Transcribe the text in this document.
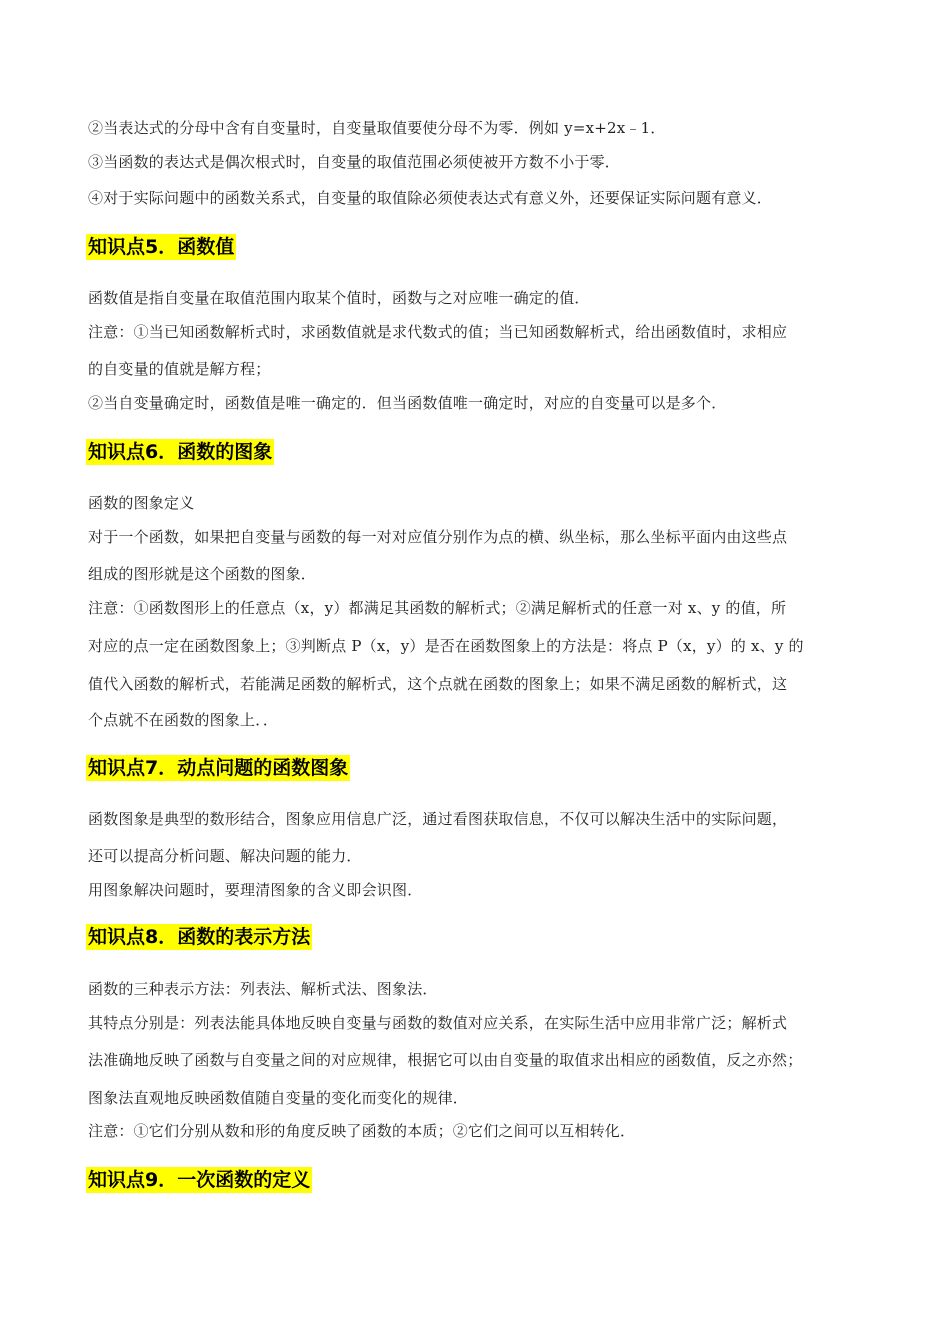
②当表达式的分母中含有自变量时，自变量取值要使分母不为零．例如 y=x+2x﹣1．
③当函数的表达式是偶次根式时，自变量的取值范围必须使被开方数不小于零．
④对于实际问题中的函数关系式，自变量的取值除必须使表达式有意义外，还要保证实际问题有意义．
知识点5．函数值
函数值是指自变量在取值范围内取某个值时，函数与之对应唯一确定的值．
注意：①当已知函数解析式时，求函数值就是求代数式的值；当已知函数解析式，给出函数值时，求相应
的自变量的值就是解方程；
②当自变量确定时，函数值是唯一确定的．但当函数值唯一确定时，对应的自变量可以是多个．
知识点6．函数的图象
函数的图象定义
对于一个函数，如果把自变量与函数的每一对对应值分别作为点的横、纵坐标，那么坐标平面内由这些点
组成的图形就是这个函数的图象．
注意：①函数图形上的任意点（x，y）都满足其函数的解析式；②满足解析式的任意一对 x、y 的值，所
对应的点一定在函数图象上；③判断点 P（x，y）是否在函数图象上的方法是：将点 P（x，y）的 x、y 的
值代入函数的解析式，若能满足函数的解析式，这个点就在函数的图象上；如果不满足函数的解析式，这
个点就不在函数的图象上．．
知识点7．动点问题的函数图象
函数图象是典型的数形结合，图象应用信息广泛，通过看图获取信息，不仅可以解决生活中的实际问题，
还可以提高分析问题、解决问题的能力．
用图象解决问题时，要理清图象的含义即会识图．
知识点8．函数的表示方法
函数的三种表示方法：列表法、解析式法、图象法．
其特点分别是：列表法能具体地反映自变量与函数的数值对应关系，在实际生活中应用非常广泛；解析式
法准确地反映了函数与自变量之间的对应规律，根据它可以由自变量的取值求出相应的函数值，反之亦然；
图象法直观地反映函数值随自变量的变化而变化的规律．
注意：①它们分别从数和形的角度反映了函数的本质；②它们之间可以互相转化．
知识点9．一次函数的定义
